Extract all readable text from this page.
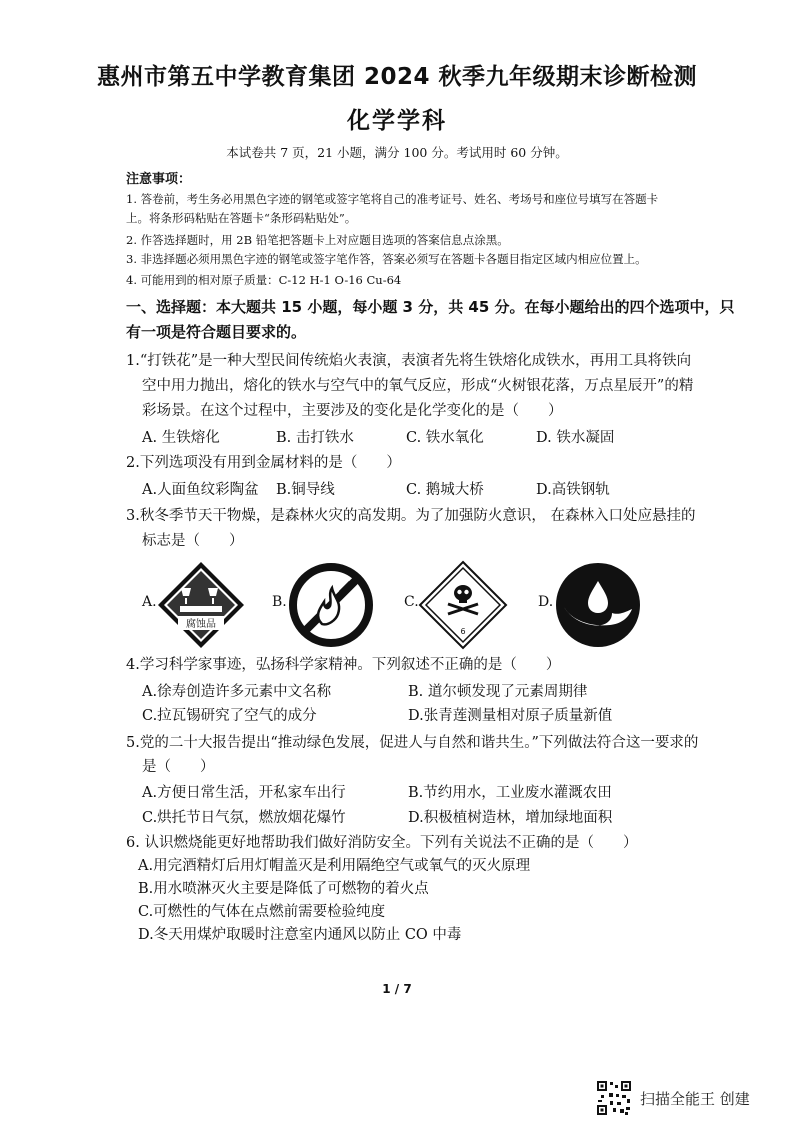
惠州市第五中学教育集团 2024 秋季九年级期末诊断检测
化学学科
本试卷共 7 页，21 小题，满分 100 分。考试用时 60 分钟。
注意事项：
1. 答卷前，考生务必用黑色字迹的钢笔或签字笔将自己的准考证号、姓名、考场号和座位号填写在答题卡
上。将条形码粘贴在答题卡“条形码粘贴处”。
2. 作答选择题时，用 2B 铅笔把答题卡上对应题目选项的答案信息点涂黑。
3. 非选择题必须用黑色字迹的钢笔或签字笔作答，答案必须写在答题卡各题目指定区域内相应位置上。
4. 可能用到的相对原子质量：C-12 H-1 O-16 Cu-64
一、选择题：本大题共 15 小题，每小题 3 分，共 45 分。在每小题给出的四个选项中，只
有一项是符合题目要求的。
1.“打铁花”是一种大型民间传统焰火表演，表演者先将生铁熔化成铁水，再用工具将铁向
空中用力抛出，熔化的铁水与空气中的氧气反应，形成“火树银花落，万点星辰开”的精
彩场景。在这个过程中，主要涉及的变化是化学变化的是（　　）
A. 生铁熔化	B. 击打铁水	C. 铁水氧化	D. 铁水凝固
2.下列选项没有用到金属材料的是（　　）
A.人面鱼纹彩陶盆 B.铜导线	C. 鹅城大桥	D.高铁钢轨
3.秋冬季节天干物燥，是森林火灾的高发期。为了加强防火意识， 在森林入口处应悬挂的
标志是（　　）
A.
腐蚀品
B.	C.
6
D.
4.学习科学家事迹，弘扬科学家精神。下列叙述不正确的是（　　）
A.徐寿创造许多元素中文名称	B. 道尔顿发现了元素周期律
C.拉瓦锡研究了空气的成分	D.张青莲测量相对原子质量新值
5.党的二十大报告提出“推动绿色发展，促进人与自然和谐共生。”下列做法符合这一要求的
是（　　）
A.方便日常生活，开私家车出行	B.节约用水，工业废水灌溉农田
C.烘托节日气氛，燃放烟花爆竹	D.积极植树造林，增加绿地面积
6. 认识燃烧能更好地帮助我们做好消防安全。下列有关说法不正确的是（　　）
A.用完酒精灯后用灯帽盖灭是利用隔绝空气或氧气的灭火原理
B.用水喷淋灭火主要是降低了可燃物的着火点
C.可燃性的气体在点燃前需要检验纯度
D.冬天用煤炉取暖时注意室内通风以防止 CO 中毒
1 / 7
扫描全能王 创建
